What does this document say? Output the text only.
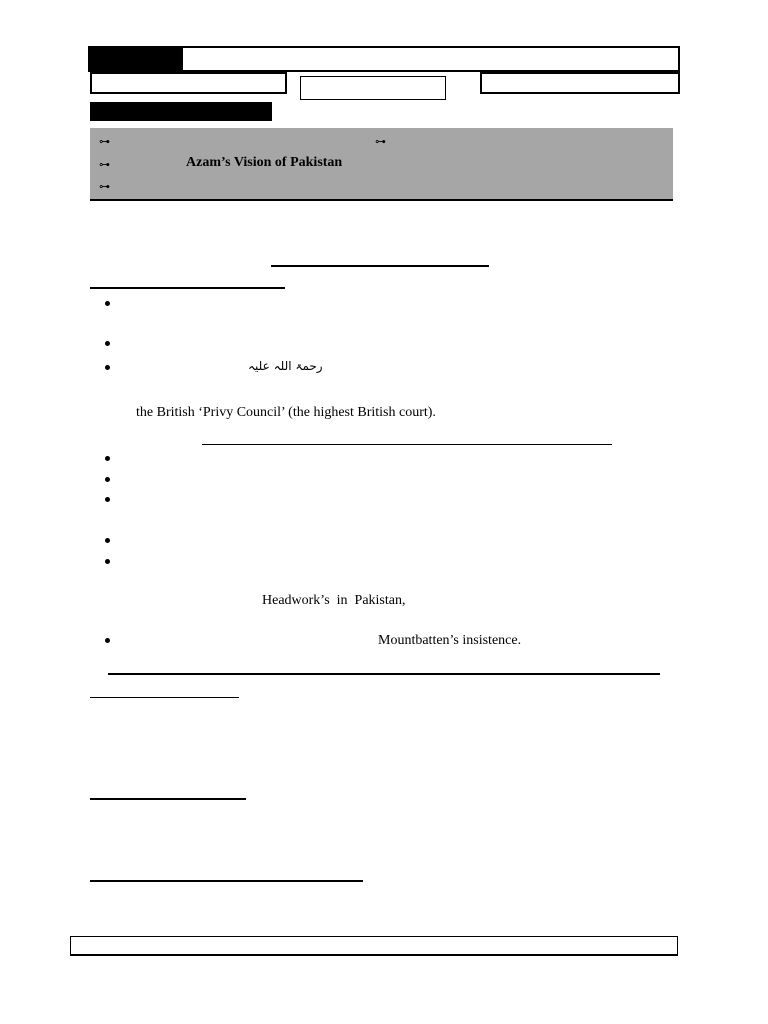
⊶	⊶
⊶	Azam’s Vision of Pakistan
⊶
رحمۃ اللہ علیہ
the British ‘Privy Council’ (the highest British court).
Headwork’s  in  Pakistan,
Mountbatten’s insistence.
